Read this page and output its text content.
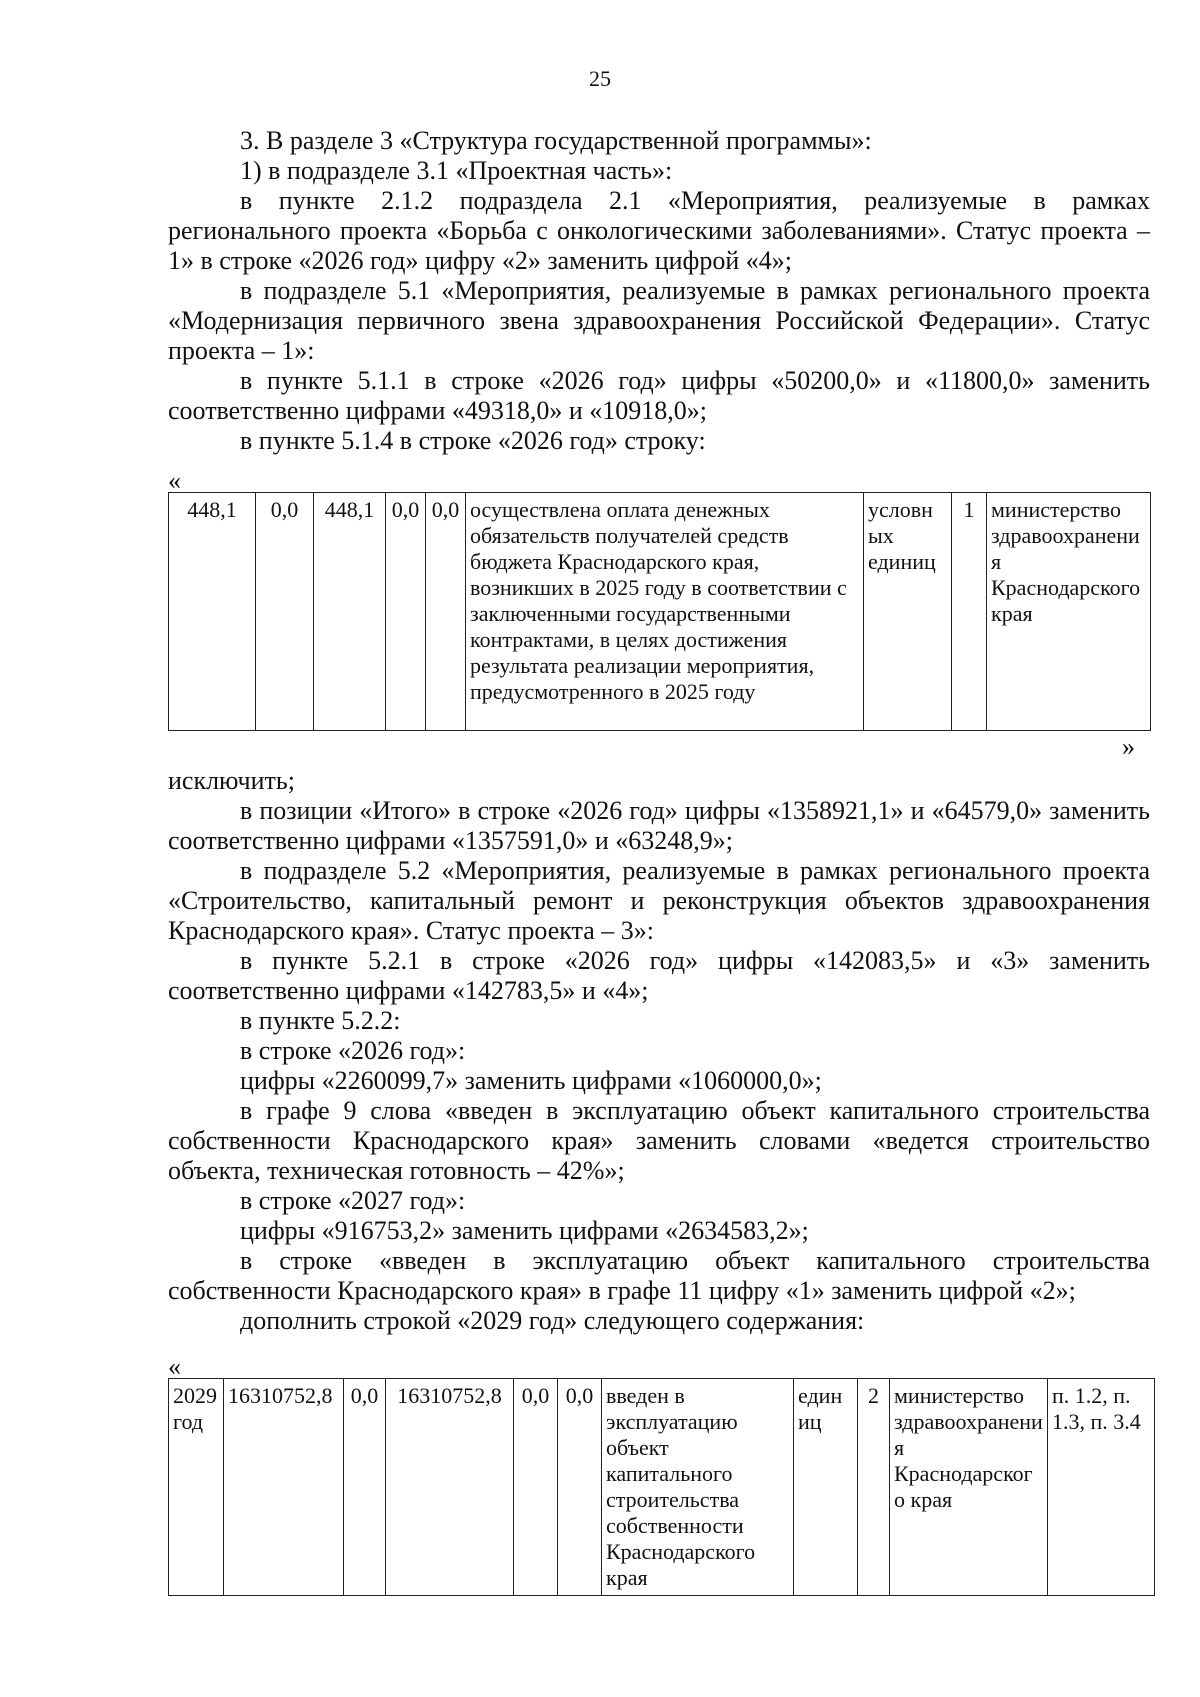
25

3. В разделе 3 «Структура государственной программы»:

1) в подразделе 3.1 «Проектная часть»:

в пункте 2.1.2 подраздела 2.1 «Мероприятия, реализуемые в рамках регионального проекта «Борьба с онкологическими заболеваниями». Статус проекта – 1» в строке «2026 год» цифру «2» заменить цифрой «4»;

в подразделе 5.1 «Мероприятия, реализуемые в рамках регионального проекта «Модернизация первичного звена здравоохранения Российской Федерации». Статус проекта – 1»:

в пункте 5.1.1 в строке «2026 год» цифры «50200,0» и «11800,0» заменить соответственно цифрами «49318,0» и «10918,0»;

в пункте 5.1.4 в строке «2026 год» строку:

«
448,1	0,0	448,1	0,0	0,0	осуществлена оплата денежных обязательств получателей средств бюджета Краснодарского края, возникших в 2025 году в соответствии с заключенными государственными контрактами, в целях достижения результата реализации мероприятия, предусмотренного в 2025 году	условных единиц	1	министерство здравоохранения Краснодарского края
»

исключить;

в позиции «Итого» в строке «2026 год» цифры «1358921,1» и «64579,0» заменить соответственно цифрами «1357591,0» и «63248,9»;

в подразделе 5.2 «Мероприятия, реализуемые в рамках регионального проекта «Строительство, капитальный ремонт и реконструкция объектов здравоохранения Краснодарского края». Статус проекта – 3»:

в пункте 5.2.1 в строке «2026 год» цифры «142083,5» и «3» заменить соответственно цифрами «142783,5» и «4»;

в пункте 5.2.2:

в строке «2026 год»:

цифры «2260099,7» заменить цифрами «1060000,0»;

в графе 9 слова «введен в эксплуатацию объект капитального строительства собственности Краснодарского края» заменить словами «ведется строительство объекта, техническая готовность – 42%»;

в строке «2027 год»:

цифры «916753,2» заменить цифрами «2634583,2»;

в строке «введен в эксплуатацию объект капитального строительства собственности Краснодарского края» в графе 11 цифру «1» заменить цифрой «2»;

дополнить строкой «2029 год» следующего содержания:

«
2029 год	16310752,8	0,0	16310752,8	0,0	0,0	введен в эксплуатацию объект капитального строительства собственности Краснодарского края	единиц	2	министерство здравоохранения Краснодарского края	п. 1.2, п. 1.3, п. 3.4
